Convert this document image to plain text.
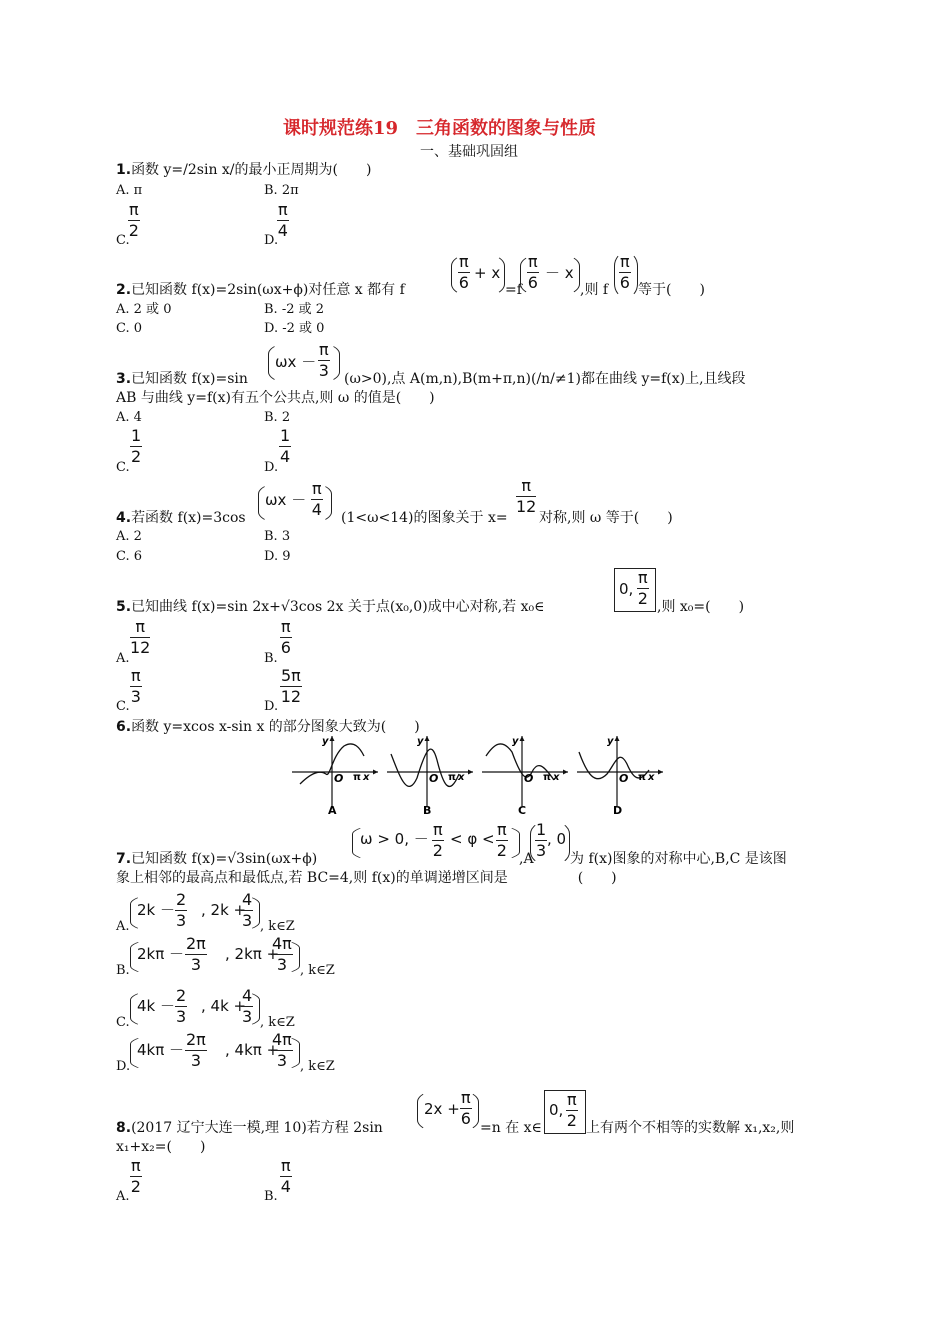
课时规范练19　三角函数的图象与性质
一、基础巩固组
1.函数 y=/2sin x/的最小正周期为(　　)
A. π	B. 2π
C.
π
2
D.
π
4
2.已知函数 f(x)=2sin(ωx+ϕ)对任意 x 都有 f
π
6 + x
=f
π
6 － x
,则 f
π
6 等于(　　)
A. 2 或 0	B. -2 或 2
C. 0	D. -2 或 0
3.已知函数 f(x)=sin
ωx －
π
3 (ω>0),点 A(m,n),B(m+π,n)(/n/≠1)都在曲线 y=f(x)上,且线段
AB 与曲线 y=f(x)有五个公共点,则 ω 的值是(　　)
A. 4	B. 2
C.
1
2
D.
1
4
4.若函数 f(x)=3cos
ωx －
π
4 (1<ω<14)的图象关于 x=
π
12
对称,则 ω 等于(　　)
A. 2	B. 3
C. 6	D. 9
5.已知曲线 f(x)=sin 2x+√3cos 2x 关于点(x₀,0)成中心对称,若 x₀∈
0,
π
2 ,则 x₀=(　　)
A.
π
12
B.
π
6
C.
π
3
D.
5π
12
6.函数 y=xcos x-sin x 的部分图象大致为(　　)
y
O π x
A
y
O π x
B
y
O π x
C
y
O π x
D
7.已知函数 f(x)=√3sin(ωx+ϕ)
ω > 0, － π
2
< φ < π
2 ,A
1
3
, 0
为 f(x)图象的对称中心,B,C 是该图
象上相邻的最高点和最低点,若 BC=4,则 f(x)的单调递增区间是　　　　　(　　)
A.
2k －
2
3
, 2k +
4
3 , k∈Z
B.
2kπ －
2π
3
, 2kπ +
4π
3	, k∈Z
C.
4k －
2
3
, 4k +
4
3 , k∈Z
D.
4kπ －
2π
3
, 4kπ +
4π
3	, k∈Z
8.(2017 辽宁大连一模,理 10)若方程 2sin
2x +
π
6 =n 在 x∈
0,
π
2 上有两个不相等的实数解 x₁,x₂,则
x₁+x₂=(　　)
A.
π
2
B.
π
4
